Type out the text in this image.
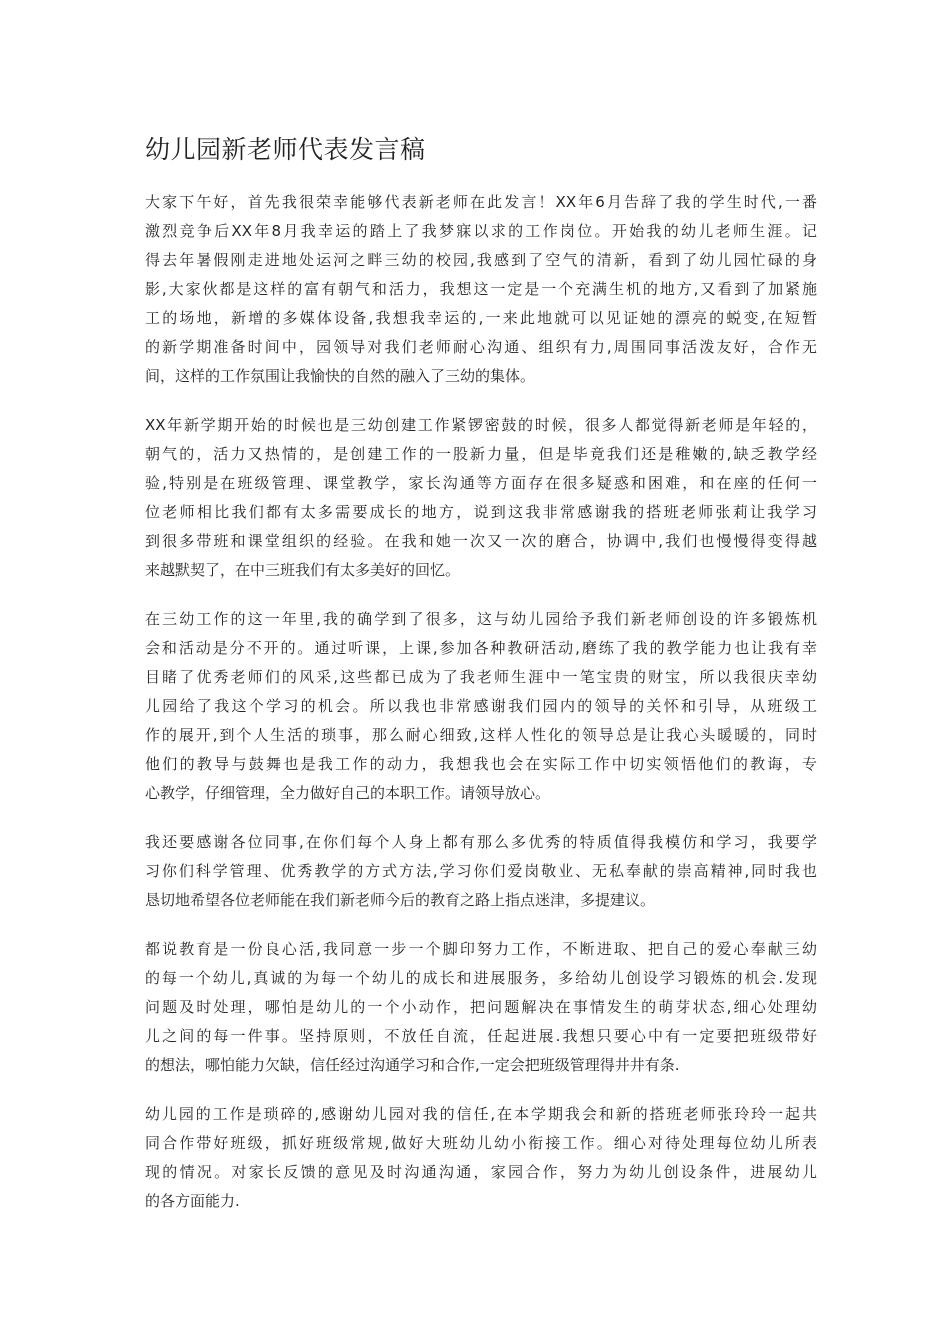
幼儿园新老师代表发言稿

大家下午好，首先我很荣幸能够代表新老师在此发言！XX年6月告辞了我的学生时代,一番
激烈竞争后XX年8月我幸运的踏上了我梦寐以求的工作岗位。开始我的幼儿老师生涯。记
得去年暑假刚走进地处运河之畔三幼的校园,我感到了空气的清新，看到了幼儿园忙碌的身
影,大家伙都是这样的富有朝气和活力，我想这一定是一个充满生机的地方,又看到了加紧施
工的场地，新增的多媒体设备,我想我幸运的,一来此地就可以见证她的漂亮的蜕变,在短暂
的新学期准备时间中，园领导对我们老师耐心沟通、组织有力,周围同事活泼友好，合作无
间，这样的工作氛围让我愉快的自然的融入了三幼的集体。

XX年新学期开始的时候也是三幼创建工作紧锣密鼓的时候，很多人都觉得新老师是年轻的，
朝气的，活力又热情的，是创建工作的一股新力量，但是毕竟我们还是稚嫩的,缺乏教学经
验,特别是在班级管理、课堂教学，家长沟通等方面存在很多疑惑和困难，和在座的任何一
位老师相比我们都有太多需要成长的地方，说到这我非常感谢我的搭班老师张莉让我学习
到很多带班和课堂组织的经验。在我和她一次又一次的磨合，协调中,我们也慢慢得变得越
来越默契了，在中三班我们有太多美好的回忆。

在三幼工作的这一年里,我的确学到了很多，这与幼儿园给予我们新老师创设的许多锻炼机
会和活动是分不开的。通过听课，上课,参加各种教研活动,磨练了我的教学能力也让我有幸
目睹了优秀老师们的风采,这些都已成为了我老师生涯中一笔宝贵的财宝，所以我很庆幸幼
儿园给了我这个学习的机会。所以我也非常感谢我们园内的领导的关怀和引导，从班级工
作的展开,到个人生活的琐事，那么耐心细致,这样人性化的领导总是让我心头暖暖的，同时
他们的教导与鼓舞也是我工作的动力，我想我也会在实际工作中切实领悟他们的教诲，专
心教学，仔细管理，全力做好自己的本职工作。请领导放心。

我还要感谢各位同事,在你们每个人身上都有那么多优秀的特质值得我模仿和学习，我要学
习你们科学管理、优秀教学的方式方法,学习你们爱岗敬业、无私奉献的崇高精神,同时我也
恳切地希望各位老师能在我们新老师今后的教育之路上指点迷津，多提建议。

都说教育是一份良心活,我同意一步一个脚印努力工作，不断进取、把自己的爱心奉献三幼
的每一个幼儿,真诚的为每一个幼儿的成长和进展服务，多给幼儿创设学习锻炼的机会.发现
问题及时处理，哪怕是幼儿的一个小动作，把问题解决在事情发生的萌芽状态,细心处理幼
儿之间的每一件事。坚持原则，不放任自流，任起进展.我想只要心中有一定要把班级带好
的想法，哪怕能力欠缺，信任经过沟通学习和合作,一定会把班级管理得井井有条.

幼儿园的工作是琐碎的,感谢幼儿园对我的信任,在本学期我会和新的搭班老师张玲玲一起共
同合作带好班级，抓好班级常规,做好大班幼儿幼小衔接工作。细心对待处理每位幼儿所表
现的情况。对家长反馈的意见及时沟通沟通，家园合作，努力为幼儿创设条件，进展幼儿
的各方面能力.
